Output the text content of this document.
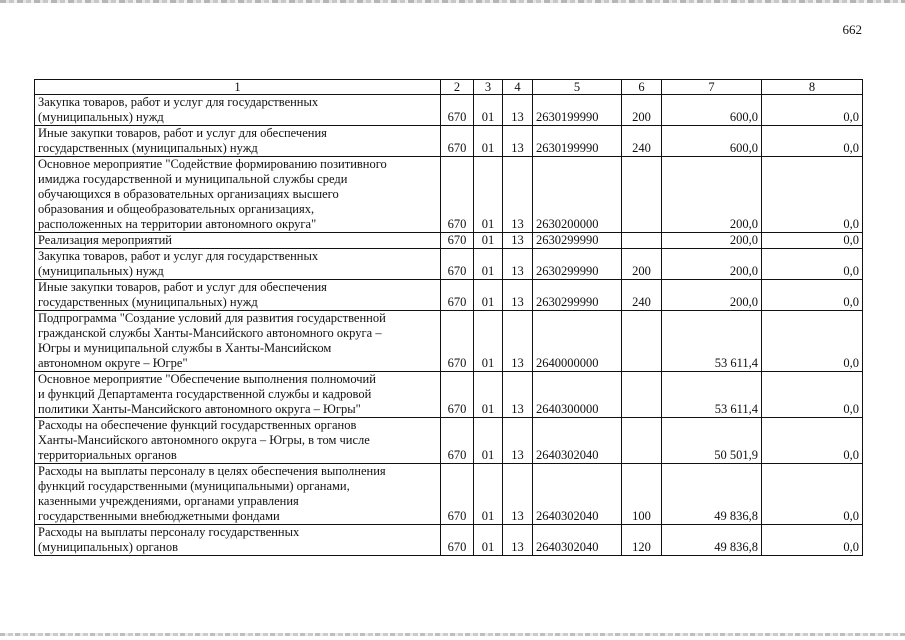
662
1	2	3	4	5	6	7	8

Закупка товаров, работ и услуг для государственных
(муниципальных) нужд	670	01	13	2630199990	200	600,0	0,0

Иные закупки товаров, работ и услуг для обеспечения
государственных (муниципальных) нужд	670	01	13	2630199990	240	600,0	0,0

Основное мероприятие "Содействие формированию позитивного
имиджа государственной и муниципальной службы среди
обучающихся в образовательных организациях высшего
образования и общеобразовательных организациях,
расположенных на территории автономного округа"	670	01	13	2630200000		200,0	0,0

Реализация мероприятий	670	01	13	2630299990		200,0	0,0

Закупка товаров, работ и услуг для государственных
(муниципальных) нужд	670	01	13	2630299990	200	200,0	0,0

Иные закупки товаров, работ и услуг для обеспечения
государственных (муниципальных) нужд	670	01	13	2630299990	240	200,0	0,0

Подпрограмма "Создание условий для развития государственной
гражданской службы Ханты-Мансийского автономного округа –
Югры и муниципальной службы в Ханты-Мансийском
автономном округе – Югре"	670	01	13	2640000000		53 611,4	0,0

Основное мероприятие "Обеспечение выполнения полномочий
и функций Департамента государственной службы и кадровой
политики Ханты-Мансийского автономного округа – Югры"	670	01	13	2640300000		53 611,4	0,0

Расходы на обеспечение функций государственных органов
Ханты-Мансийского автономного округа – Югры, в том числе
территориальных органов	670	01	13	2640302040		50 501,9	0,0

Расходы на выплаты персоналу в целях обеспечения выполнения
функций государственными (муниципальными) органами,
казенными учреждениями, органами управления
государственными внебюджетными фондами	670	01	13	2640302040	100	49 836,8	0,0

Расходы на выплаты персоналу государственных
(муниципальных) органов	670	01	13	2640302040	120	49 836,8	0,0
